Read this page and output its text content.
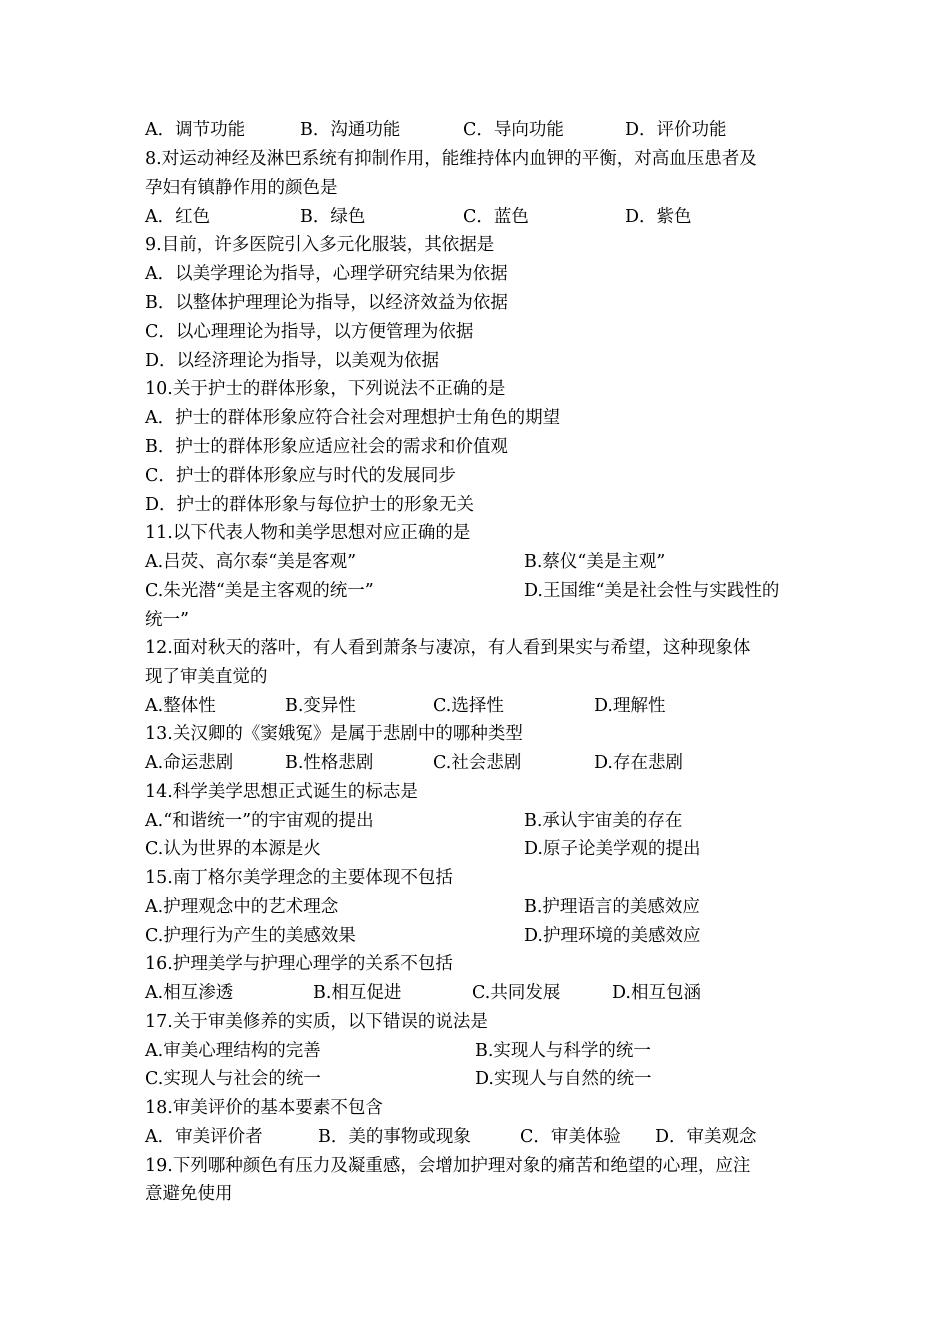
A．调节功能	B．沟通功能	C．导向功能	D．评价功能
8.对运动神经及淋巴系统有抑制作用，能维持体内血钾的平衡，对高血压患者及
孕妇有镇静作用的颜色是
A．红色	B．绿色	C．蓝色	D．紫色
9.目前，许多医院引入多元化服装，其依据是
A．以美学理论为指导，心理学研究结果为依据
B．以整体护理理论为指导，以经济效益为依据
C．以心理理论为指导，以方便管理为依据
D．以经济理论为指导，以美观为依据
10.关于护士的群体形象，下列说法不正确的是
A．护士的群体形象应符合社会对理想护士角色的期望
B．护士的群体形象应适应社会的需求和价值观
C．护士的群体形象应与时代的发展同步
D．护士的群体形象与每位护士的形象无关
11.以下代表人物和美学思想对应正确的是
A.吕荧、高尔泰“美是客观”	B.蔡仪“美是主观”
C.朱光潜“美是主客观的统一”	D.王国维“美是社会性与实践性的
统一”
12.面对秋天的落叶，有人看到萧条与凄凉，有人看到果实与希望，这种现象体
现了审美直觉的
A.整体性	B.变异性	C.选择性	D.理解性
13.关汉卿的《窦娥冤》是属于悲剧中的哪种类型
A.命运悲剧	B.性格悲剧	C.社会悲剧	D.存在悲剧
14.科学美学思想正式诞生的标志是
A.“和谐统一”的宇宙观的提出	B.承认宇宙美的存在
C.认为世界的本源是火	D.原子论美学观的提出
15.南丁格尔美学理念的主要体现不包括
A.护理观念中的艺术理念	B.护理语言的美感效应
C.护理行为产生的美感效果	D.护理环境的美感效应
16.护理美学与护理心理学的关系不包括
A.相互渗透	B.相互促进	C.共同发展	D.相互包涵
17.关于审美修养的实质，以下错误的说法是
A.审美心理结构的完善	B.实现人与科学的统一
C.实现人与社会的统一	D.实现人与自然的统一
18.审美评价的基本要素不包含
A．审美评价者	B．美的事物或现象	C．审美体验 D．审美观念
19.下列哪种颜色有压力及凝重感，会增加护理对象的痛苦和绝望的心理，应注
意避免使用
